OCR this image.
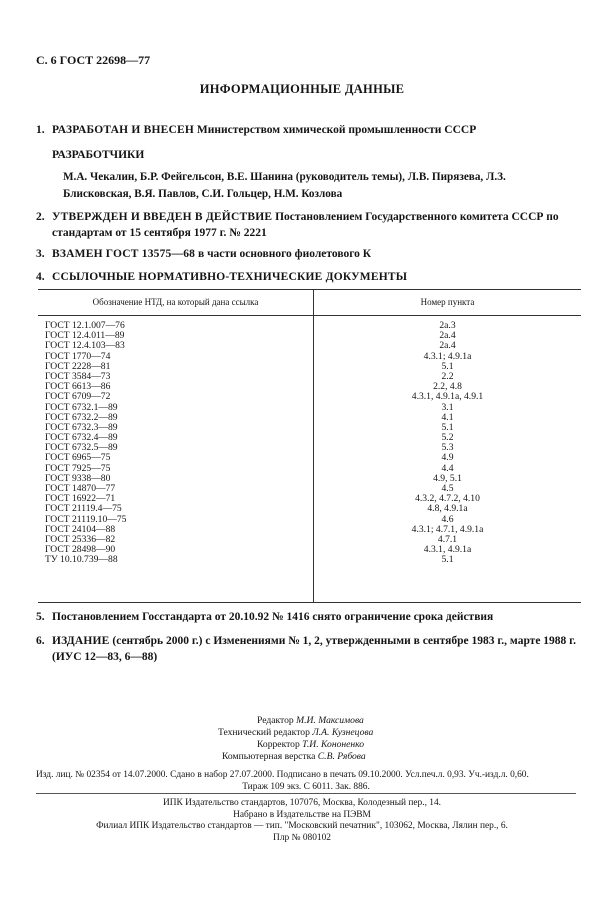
С. 6 ГОСТ 22698—77
ИНФОРМАЦИОННЫЕ ДАННЫЕ
1. РАЗРАБОТАН И ВНЕСЕН Министерством химической промышленности СССР
РАЗРАБОТЧИКИ
М.А. Чекалин, Б.Р. Фейгельсон, В.Е. Шанина (руководитель темы), Л.В. Пирязева, Л.З. Блисковская, В.Я. Павлов, С.И. Гольцер, Н.М. Козлова
2. УТВЕРЖДЕН И ВВЕДЕН В ДЕЙСТВИЕ Постановлением Государственного комитета СССР по стандартам от 15 сентября 1977 г. № 2221
3. ВЗАМЕН ГОСТ 13575—68 в части основного фиолетового К
4. ССЫЛОЧНЫЕ НОРМАТИВНО-ТЕХНИЧЕСКИЕ ДОКУМЕНТЫ
Обозначение НТД, на который дана ссылка	Номер пункта
ГОСТ 12.1.007—76	2а.3
ГОСТ 12.4.011—89	2а.4
ГОСТ 12.4.103—83	2а.4
ГОСТ 1770—74	4.3.1; 4.9.1а
ГОСТ 2228—81	5.1
ГОСТ 3584—73	2.2
ГОСТ 6613—86	2.2, 4.8
ГОСТ 6709—72	4.3.1, 4.9.1а, 4.9.1
ГОСТ 6732.1—89	3.1
ГОСТ 6732.2—89	4.1
ГОСТ 6732.3—89	5.1
ГОСТ 6732.4—89	5.2
ГОСТ 6732.5—89	5.3
ГОСТ 6965—75	4.9
ГОСТ 7925—75	4.4
ГОСТ 9338—80	4.9, 5.1
ГОСТ 14870—77	4.5
ГОСТ 16922—71	4.3.2, 4.7.2, 4.10
ГОСТ 21119.4—75	4.8, 4.9.1а
ГОСТ 21119.10—75	4.6
ГОСТ 24104—88	4.3.1; 4.7.1, 4.9.1а
ГОСТ 25336—82	4.7.1
ГОСТ 28498—90	4.3.1, 4.9.1а
ТУ 10.10.739—88	5.1
5. Постановлением Госстандарта от 20.10.92 № 1416 снято ограничение срока действия
6. ИЗДАНИЕ (сентябрь 2000 г.) с Изменениями № 1, 2, утвержденными в сентябре 1983 г., марте 1988 г. (ИУС 12—83, 6—88)
Редактор М.И. Максимова
Технический редактор Л.А. Кузнецова
Корректор Т.И. Кононенко
Компьютерная верстка С.В. Рябова
Изд. лиц. № 02354 от 14.07.2000. Сдано в набор 27.07.2000. Подписано в печать 09.10.2000. Усл.печ.л. 0,93. Уч.-изд.л. 0,60.
Тираж 109 экз. С 6011. Зак. 886.
ИПК Издательство стандартов, 107076, Москва, Колодезный пер., 14.
Набрано в Издательстве на ПЭВМ
Филиал ИПК Издательство стандартов — тип. "Московский печатник", 103062, Москва, Лялин пер., 6.
Плр № 080102
